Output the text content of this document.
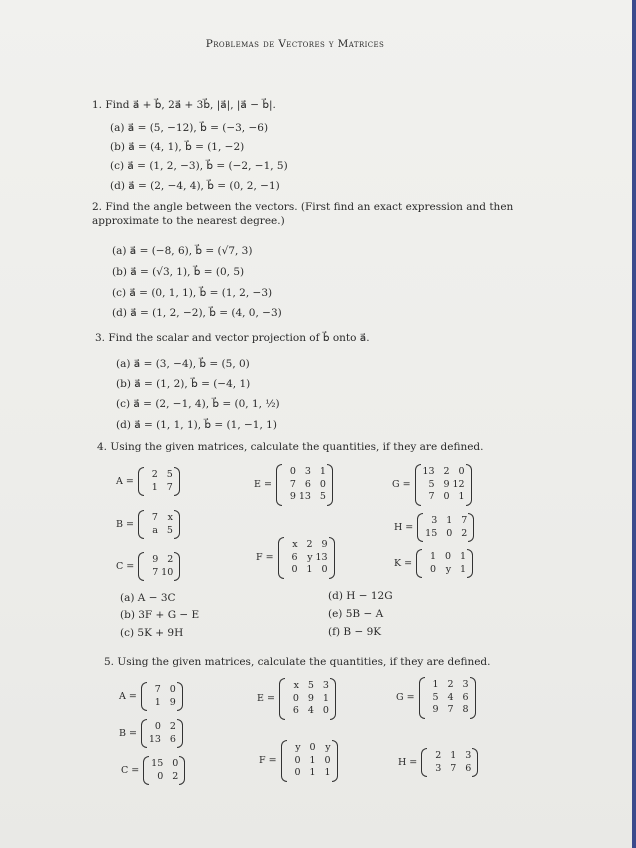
Problemas de Vectores y Matrices
1. Find a⃗ + b⃗, 2a⃗ + 3b⃗, |a⃗|, |a⃗ − b⃗|.
(a) a⃗ = (5, −12), b⃗ = (−3, −6)
(b) a⃗ = (4, 1), b⃗ = (1, −2)
(c) a⃗ = (1, 2, −3), b⃗ = (−2, −1, 5)
(d) a⃗ = (2, −4, 4), b⃗ = (0, 2, −1)
2. Find the angle between the vectors. (First find an exact expression and then approximate to the nearest degree.)
(a) a⃗ = (−8, 6), b⃗ = (√7, 3)
(b) a⃗ = (√3, 1), b⃗ = (0, 5)
(c) a⃗ = (0, 1, 1), b⃗ = (1, 2, −3)
(d) a⃗ = (1, 2, −2), b⃗ = (4, 0, −3)
3. Find the scalar and vector projection of b⃗ onto a⃗.
(a) a⃗ = (3, −4), b⃗ = (5, 0)
(b) a⃗ = (1, 2), b⃗ = (−4, 1)
(c) a⃗ = (2, −1, 4), b⃗ = (0, 1, ½)
(d) a⃗ = (1, 1, 1), b⃗ = (1, −1, 1)
4. Using the given matrices, calculate the quantities, if they are defined.
A =
2 5
1 7	E =
0 3 1
7 6 0
9 13 5
G =
13 2 0
5 9 12
7 0 1
B =
7	x
a 5	H =
3 1 7
15 0 2
C =
9 2
7 10
F =
x 2 9
6	y 13
0 1 0
K =
1 0 1
0	y 1
(a) A − 3C
(b) 3F + G − E
(c) 5K + 9H
(d) H − 12G
(e) 5B − A
(f) B − 9K
5. Using the given matrices, calculate the quantities, if they are defined.
A =
7 0
1 9	E =
x 5 3
0 9 1
6 4 0
G =
1 2 3
5 4 6
9 7 8
B =
0 2
13 6
C =
15 0
0 2
F =
y 0	y
0 1 0
0 1 1
H =
2 1 3
3 7 6
